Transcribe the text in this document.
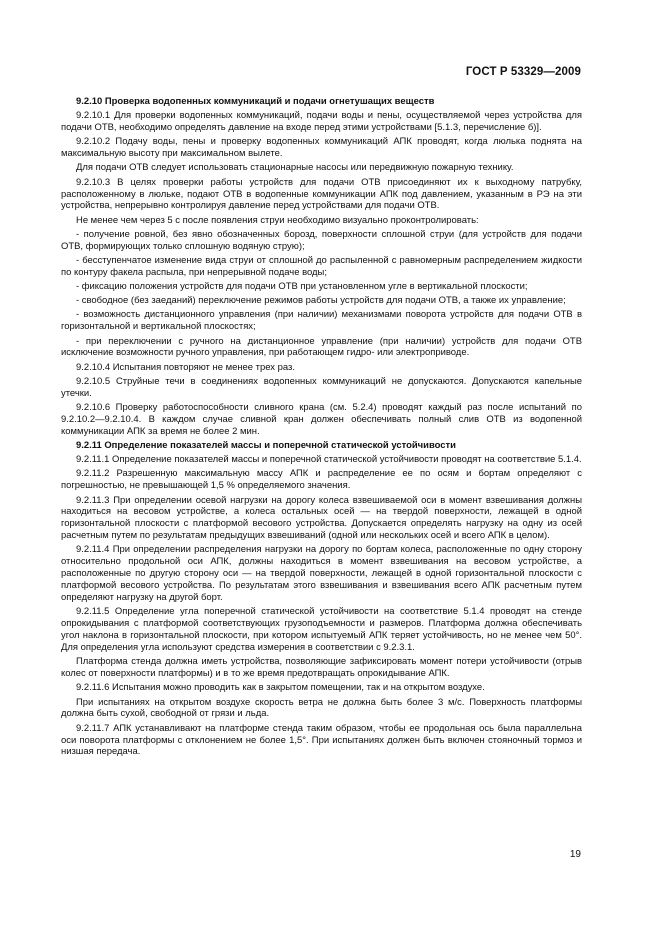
ГОСТ Р 53329—2009

9.2.10 Проверка водопенных коммуникаций и подачи огнетушащих веществ

9.2.10.1 Для проверки водопенных коммуникаций, подачи воды и пены, осуществляемой через устройства для подачи ОТВ, необходимо определять давление на входе перед этими устройствами [5.1.3, перечисление б)].

9.2.10.2 Подачу воды, пены и проверку водопенных коммуникаций АПК проводят, когда люлька поднята на максимальную высоту при максимальном вылете.

Для подачи ОТВ следует использовать стационарные насосы или передвижную пожарную технику.

9.2.10.3 В целях проверки работы устройств для подачи ОТВ присоединяют их к выходному патрубку, расположенному в люльке, подают ОТВ в водопенные коммуникации АПК под давлением, указанным в РЭ на эти устройства, непрерывно контролируя давление перед устройствами для подачи ОТВ.

Не менее чем через 5 с после появления струи необходимо визуально проконтролировать:

- получение ровной, без явно обозначенных борозд, поверхности сплошной струи (для устройств для подачи ОТВ, формирующих только сплошную водяную струю);

- бесступенчатое изменение вида струи от сплошной до распыленной с равномерным распределением жидкости по контуру факела распыла, при непрерывной подаче воды;

- фиксацию положения устройств для подачи ОТВ при установленном угле в вертикальной плоскости;

- свободное (без заеданий) переключение режимов работы устройств для подачи ОТВ, а также их управление;

- возможность дистанционного управления (при наличии) механизмами поворота устройств для подачи ОТВ в горизонтальной и вертикальной плоскостях;

- при переключении с ручного на дистанционное управление (при наличии) устройств для подачи ОТВ исключение возможности ручного управления, при работающем гидро- или электроприводе.

9.2.10.4 Испытания повторяют не менее трех раз.

9.2.10.5 Струйные течи в соединениях водопенных коммуникаций не допускаются. Допускаются капельные утечки.

9.2.10.6 Проверку работоспособности сливного крана (см. 5.2.4) проводят каждый раз после испытаний по 9.2.10.2—9.2.10.4. В каждом случае сливной кран должен обеспечивать полный слив ОТВ из водопенной коммуникации АПК за время не более 2 мин.

9.2.11 Определение показателей массы и поперечной статической устойчивости

9.2.11.1 Определение показателей массы и поперечной статической устойчивости проводят на соответствие 5.1.4.

9.2.11.2 Разрешенную максимальную массу АПК и распределение ее по осям и бортам определяют с погрешностью, не превышающей 1,5 % определяемого значения.

9.2.11.3 При определении осевой нагрузки на дорогу колеса взвешиваемой оси в момент взвешивания должны находиться на весовом устройстве, а колеса остальных осей — на твердой поверхности, лежащей в одной горизонтальной плоскости с платформой весового устройства. Допускается определять нагрузку на одну из осей расчетным путем по результатам предыдущих взвешиваний (одной или нескольких осей и всего АПК в целом).

9.2.11.4 При определении распределения нагрузки на дорогу по бортам колеса, расположенные по одну сторону относительно продольной оси АПК, должны находиться в момент взвешивания на весовом устройстве, а расположенные по другую сторону оси — на твердой поверхности, лежащей в одной горизонтальной плоскости с платформой весового устройства. По результатам этого взвешивания и взвешивания всего АПК расчетным путем определяют нагрузку на другой борт.

9.2.11.5 Определение угла поперечной статической устойчивости на соответствие 5.1.4 проводят на стенде опрокидывания с платформой соответствующих грузоподъемности и размеров. Платформа должна обеспечивать угол наклона в горизонтальной плоскости, при котором испытуемый АПК теряет устойчивость, но не менее чем 50°. Для определения угла используют средства измерения в соответствии с 9.2.3.1.

Платформа стенда должна иметь устройства, позволяющие зафиксировать момент потери устойчивости (отрыв колес от поверхности платформы) и в то же время предотвращать опрокидывание АПК.

9.2.11.6 Испытания можно проводить как в закрытом помещении, так и на открытом воздухе.

При испытаниях на открытом воздухе скорость ветра не должна быть более 3 м/с. Поверхность платформы должна быть сухой, свободной от грязи и льда.

9.2.11.7 АПК устанавливают на платформе стенда таким образом, чтобы ее продольная ось была параллельна оси поворота платформы с отклонением не более 1,5°. При испытаниях должен быть включен стояночный тормоз и низшая передача.

19
